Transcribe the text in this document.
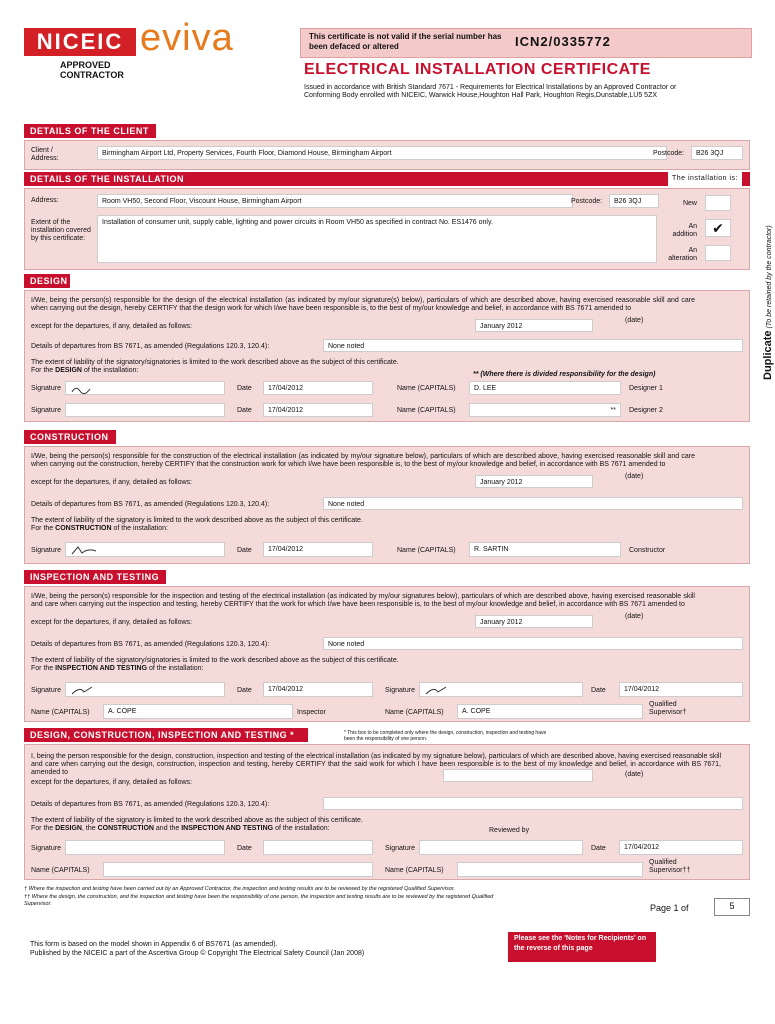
NICEIC eviva
APPROVED
CONTRACTOR
This certificate is not valid if the serial number has been defaced or altered	ICN2/0335772
ELECTRICAL INSTALLATION CERTIFICATE
Issued in accordance with British Standard 7671 - Requirements for Electrical Installations by an Approved Contractor or Conforming Body enrolled with NICEIC, Warwick House,Houghton Hall Park, Houghton Regis,Dunstable,LU5 5ZX
Duplicate (To be retained by the contractor)
DETAILS OF THE CLIENT
Client / Address:
Birmingham Airport Ltd, Property Services, Fourth Floor, Diamond House, Birmingham Airport	Postcode:	B26 3QJ
DETAILS OF THE INSTALLATION	The installation is:
Address:	Room VH50, Second Floor, Viscount House, Birmingham Airport	Postcode:	B26 3QJ
Extent of the installation covered by this certificate:
Installation of consumer unit, supply cable, lighting and power circuits in Room VH50 as specified in contract No. ES1476 only.
New
An addition	✔
An alteration
DESIGN
I/We, being the person(s) responsible for the design of the electrical installation (as indicated by my/our signature(s) below), particulars of which are described above, having exercised reasonable skill and care when carrying out the design, hereby CERTIFY that the design work for which I/we have been responsible is, to the best of my/our knowledge and belief, in accordance with BS 7671 amended to
except for the departures, if any, detailed as follows:	January 2012
(date)
Details of departures from BS 7671, as amended (Regulations 120.3, 120.4):	None noted
The extent of liability of the signatory/signatories is limited to the work described above as the subject of this certificate.
For the DESIGN of the installation:
** (Where there is divided responsibility for the design)
Signature	Date	17/04/2012	Name (CAPITALS)	D. LEE	Designer 1
Signature	Date	17/04/2012	Name (CAPITALS)	**	Designer 2
CONSTRUCTION
I/We, being the person(s) responsible for the construction of the electrical installation (as indicated by my/our signature below), particulars of which are described above, having exercised reasonable skill and care when carrying out the construction, hereby CERTIFY that the construction work for which I/we have been responsible is, to the best of my/our knowledge and belief, in accordance with BS 7671 amended to
except for the departures, if any, detailed as follows:	January 2012
(date)
Details of departures from BS 7671, as amended (Regulations 120.3, 120.4):	None noted
The extent of liability of the signatory is limited to the work described above as the subject of this certificate.
For the CONSTRUCTION of the installation:
Signature	Date	17/04/2012	Name (CAPITALS)	R. SARTIN	Constructor
INSPECTION AND TESTING
I/We, being the person(s) responsible for the inspection and testing of the electrical installation (as indicated by my/our signatures below), particulars of which are described above, having exercised reasonable skill and care when carrying out the inspection and testing, hereby CERTIFY that the work for which I/we have been responsible is, to the best of my/our knowledge and belief, in accordance with BS 7671 amended to
except for the departures, if any, detailed as follows:	January 2012
(date)
Details of departures from BS 7671, as amended (Regulations 120.3, 120.4):	None noted
The extent of liability of the signatory/signatories is limited to the work described above as the subject of this certificate.
For the INSPECTION AND TESTING of the installation:
Signature	Date	17/04/2012	Signature	Date	17/04/2012
Name (CAPITALS)	A. COPE	Inspector	Name (CAPITALS)	A. COPE
Qualified Supervisor†
DESIGN, CONSTRUCTION, INSPECTION AND TESTING *	* This box to be completed only where the design, construction, inspection and testing have been the responsibility of one person.
I, being the person responsible for the design, construction, inspection and testing of the electrical installation (as indicated by my signature below), particulars of which are described above, having exercised reasonable skill and care when carrying out the design, construction, inspection and testing, hereby CERTIFY that the said work for which I have been responsible is to the best of my knowledge and belief, in accordance with BS 7671, amended to
except for the departures, if any, detailed as follows:
(date)
Details of departures from BS 7671, as amended (Regulations 120.3, 120.4):
The extent of liability of the signatory is limited to the work described above as the subject of this certificate.
For the DESIGN, the CONSTRUCTION and the INSPECTION AND TESTING of the installation:	Reviewed by
Signature	Date	Signature	Date	17/04/2012
Name (CAPITALS)	Name (CAPITALS)
Qualified Supervisor††
† Where the inspection and testing have been carried out by an Approved Contractor, the inspection and testing results are to be reviewed by the registered Qualified Supervisor.
†† Where the design, the construction, and the inspection and testing have been the responsibility of one person, the inspection and testing results are to be reviewed by the registered Qualified Supervisor.	Page 1 of	5
This form is based on the model shown in Appendix 6 of BS7671 (as amended).
Published by the NICEIC a part of the Ascertiva Group © Copyright The Electrical Safety Council (Jan 2008)
Please see the 'Notes for Recipients' on the reverse of this page
